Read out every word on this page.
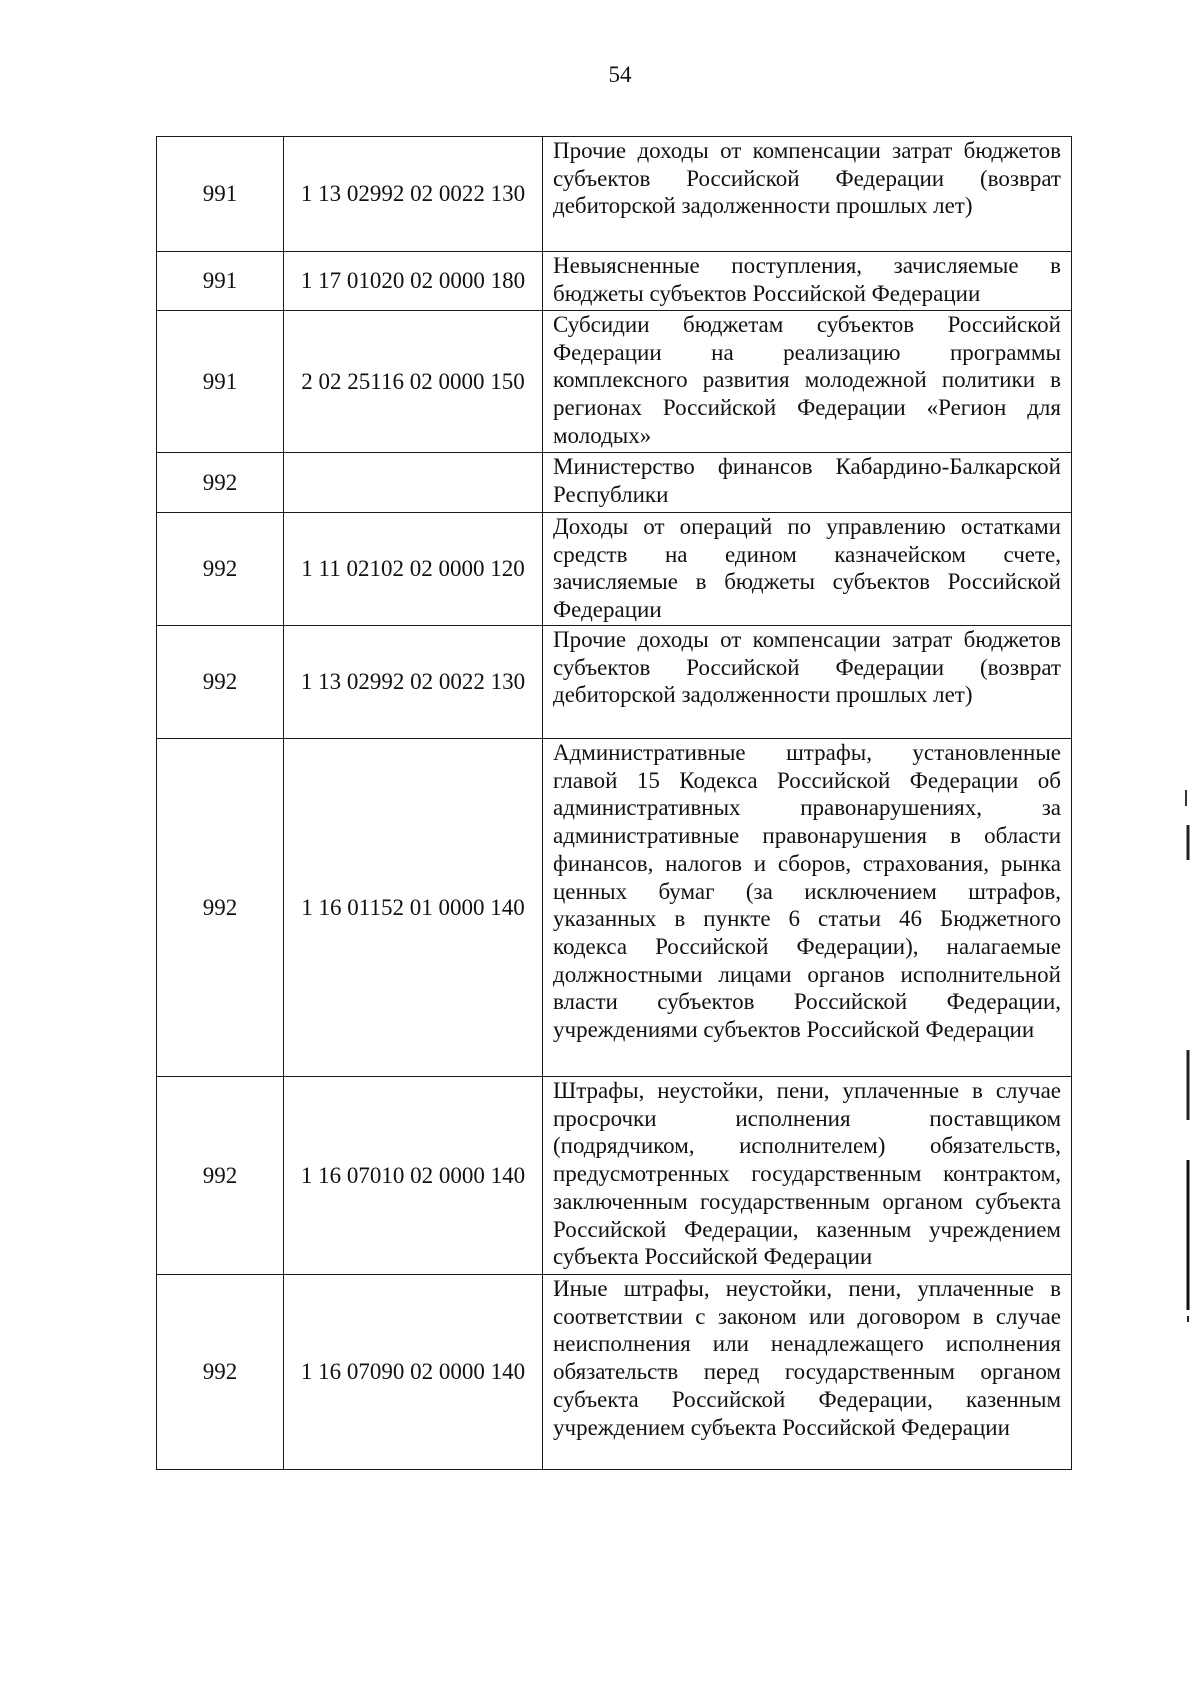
54
991	1 13 02992 02 0022 130	Прочие доходы от компенсации затрат бюджетов субъектов Российской Федерации (возврат дебиторской задолженности прошлых лет)
991	1 17 01020 02 0000 180	Невыясненные поступления, зачисляемые в бюджеты субъектов Российской Федерации
991	2 02 25116 02 0000 150	Субсидии бюджетам субъектов Российской Федерации на реализацию программы комплексного развития молодежной политики в регионах Российской Федерации «Регион для молодых»
992		Министерство финансов Кабардино-Балкарской Республики
992	1 11 02102 02 0000 120	Доходы от операций по управлению остатками средств на едином казначейском счете, зачисляемые в бюджеты субъектов Российской Федерации
992	1 13 02992 02 0022 130	Прочие доходы от компенсации затрат бюджетов субъектов Российской Федерации (возврат дебиторской задолженности прошлых лет)
992	1 16 01152 01 0000 140	Административные штрафы, установленные главой 15 Кодекса Российской Федерации об административных правонарушениях, за административные правонарушения в области финансов, налогов и сборов, страхования, рынка ценных бумаг (за исключением штрафов, указанных в пункте 6 статьи 46 Бюджетного кодекса Российской Федерации), налагаемые должностными лицами органов исполнительной власти субъектов Российской Федерации, учреждениями субъектов Российской Федерации
992	1 16 07010 02 0000 140	Штрафы, неустойки, пени, уплаченные в случае просрочки исполнения поставщиком (подрядчиком, исполнителем) обязательств, предусмотренных государственным контрактом, заключенным государственным органом субъекта Российской Федерации, казенным учреждением субъекта Российской Федерации
992	1 16 07090 02 0000 140	Иные штрафы, неустойки, пени, уплаченные в соответствии с законом или договором в случае неисполнения или ненадлежащего исполнения обязательств перед государственным органом субъекта Российской Федерации, казенным учреждением субъекта Российской Федерации
